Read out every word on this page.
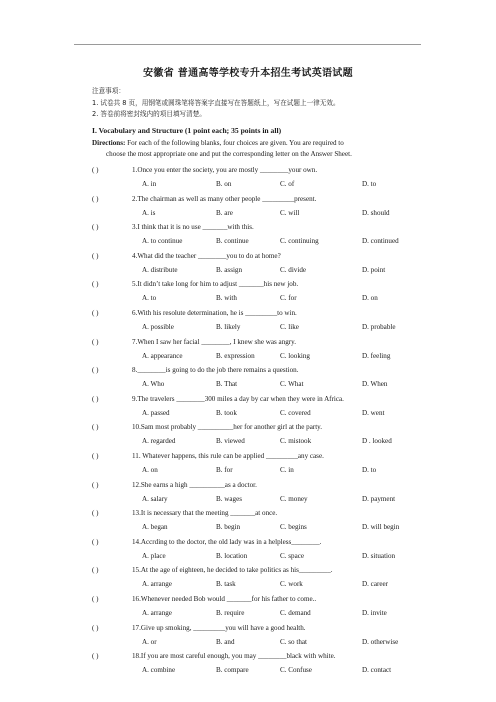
安徽省 普通高等学校专升本招生考试英语试题
注意事项：
1. 试卷共 8 页，用钢笔或圆珠笔将答案字直接写在答题纸上，写在试题上一律无效。
2. 答卷前将密封线内的项目填写清楚。
I. Vocabulary and Structure (1 point each; 35 points in all)
Directions: For each of the following blanks, four choices are given. You are required to
choose the most appropriate one and put the corresponding letter on the Answer Sheet.
( )	1.Once you enter the society, you are mostly ________your own.
A. in	B. on	C. of	D. to
( )	2.The chairman as well as many other people _________present.
A. is	B. are	C. will	D. should
( )	3.I think that it is no use _______with this.
A. to continue	B. continue	C. continuing	D. continued
( )	4.What did the teacher ________you to do at home?
A. distribute	B. assign	C. divide	D. point
( )	5.It didn’t take long for him to adjust _______his new job.
A. to	B. with	C. for	D. on
( )	6.With his resolute determination, he is _________to win.
A. possible	B. likely	C. like	D. probable
( )	7.When I saw her facial ________, I knew she was angry.
A. appearance	B. expression	C. looking	D. feeling
( )	8.________is going to do the job there remains a question.
A. Who	B. That	C. What	D. When
( )	9.The travelers ________300 miles a day by car when they were in Africa.
A. passed	B. took	C. covered	D. went
( )	10.Sam most probably __________her for another girl at the party.
A. regarded	B. viewed	C. mistook	D . looked
( )	11. Whatever happens, this rule can be applied _________any case.
A. on	B. for	C. in	D. to
( )	12.She earns a high __________as a doctor.
A. salary	B. wages	C. money	D. payment
( )	13.It is necessary that the meeting _______at once.
A. began	B. begin	C. begins	D. will begin
( )	14.Accrding to the doctor, the old lady was in a helpless________.
A. place	B. location	C. space	D. situation
( )	15.At the age of eighteen, he decided to take politics as his_________.
A. arrange	B. task	C. work	D. career
( )	16.Whenever needed Bob would _______for his father to come..
A. arrange	B. require	C. demand	D. invite
( )	17.Give up smoking, _________you will have a good health.
A. or	B. and	C. so that	D. otherwise
( )	18.If you are most careful enough, you may ________black with white.
A. combine	B. compare	C. Confuse	D. contact
